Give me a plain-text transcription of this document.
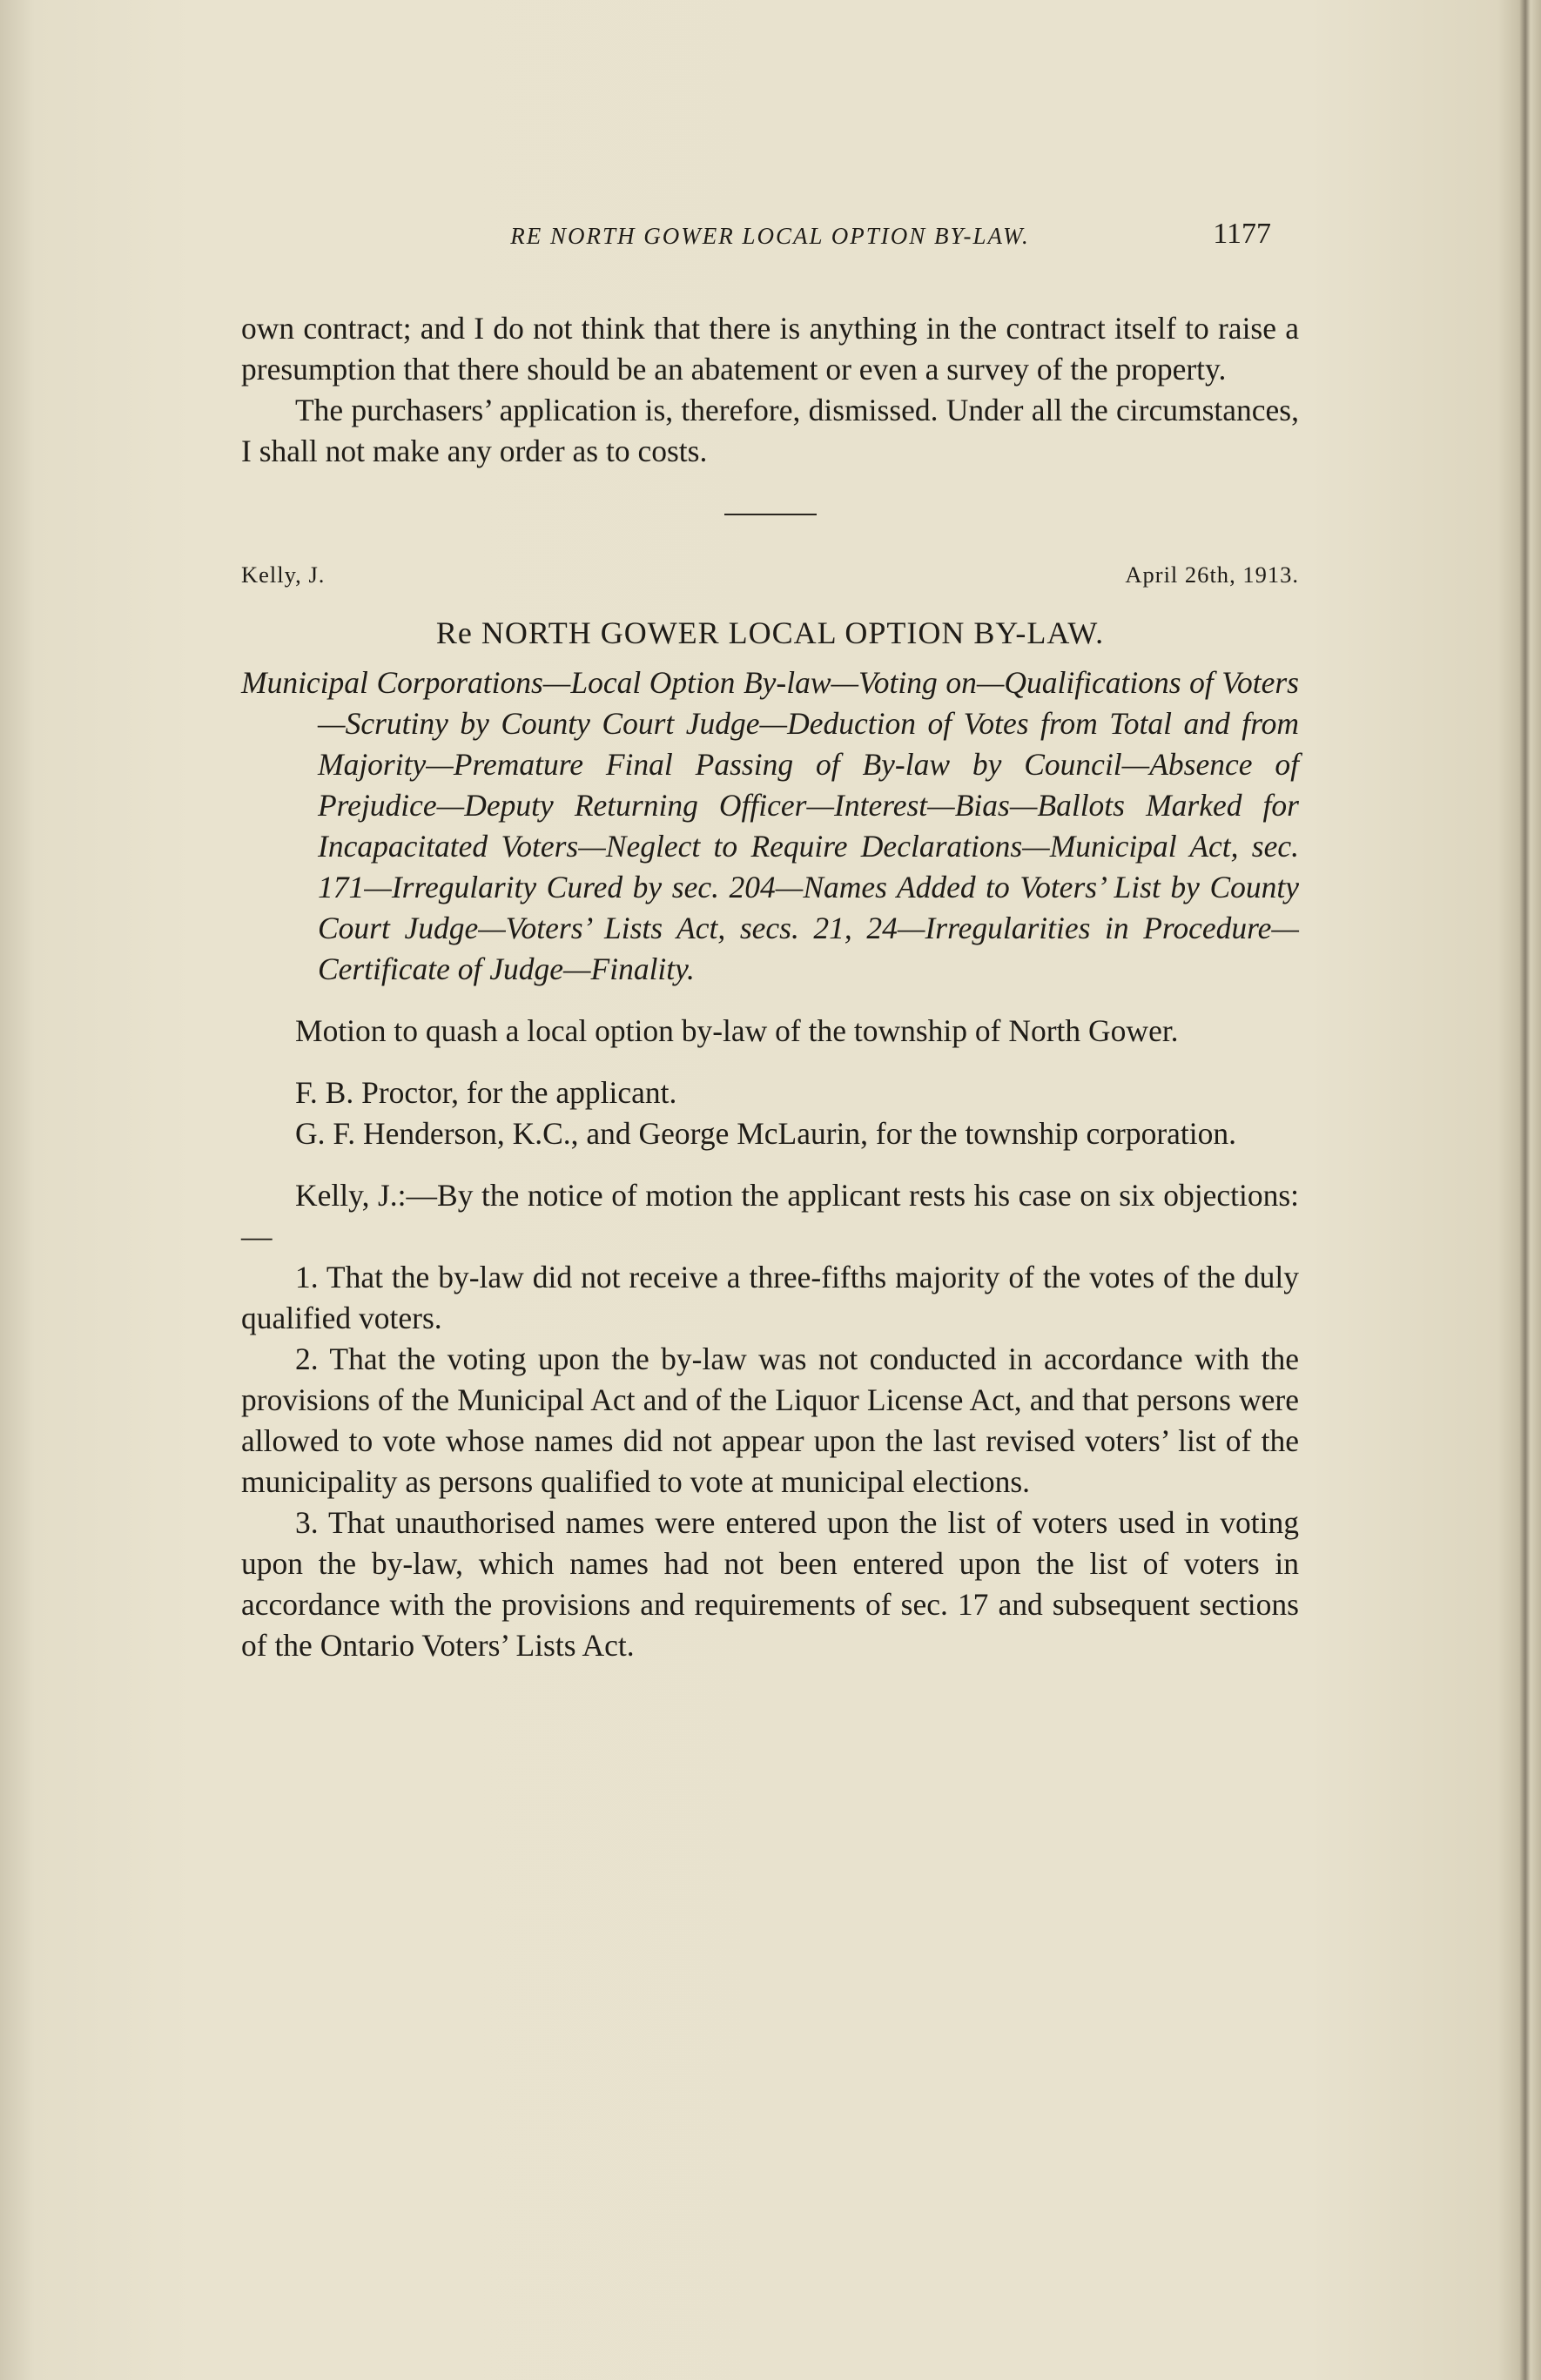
RE NORTH GOWER LOCAL OPTION BY-LAW.	1177

own contract; and I do not think that there is anything in the contract itself to raise a presumption that there should be an abatement or even a survey of the property.

The purchasers’ application is, therefore, dismissed. Under all the circumstances, I shall not make any order as to costs.

Kelly, J.	April 26th, 1913.
Re NORTH GOWER LOCAL OPTION BY-LAW.

Municipal Corporations—Local Option By-law—Voting on—Qualifications of Voters—Scrutiny by County Court Judge—Deduction of Votes from Total and from Majority—Premature Final Passing of By-law by Council—Absence of Prejudice—Deputy Returning Officer—Interest—Bias—Ballots Marked for Incapacitated Voters—Neglect to Require Declarations—Municipal Act, sec. 171—Irregularity Cured by sec. 204—Names Added to Voters’ List by County Court Judge—Voters’ Lists Act, secs. 21, 24—Irregularities in Procedure—Certificate of Judge—Finality.

Motion to quash a local option by-law of the township of North Gower.

F. B. Proctor, for the applicant.

G. F. Henderson, K.C., and George McLaurin, for the township corporation.

Kelly, J.:—By the notice of motion the applicant rests his case on six objections:—

1. That the by-law did not receive a three-fifths majority of the votes of the duly qualified voters.

2. That the voting upon the by-law was not conducted in accordance with the provisions of the Municipal Act and of the Liquor License Act, and that persons were allowed to vote whose names did not appear upon the last revised voters’ list of the municipality as persons qualified to vote at municipal elections.

3. That unauthorised names were entered upon the list of voters used in voting upon the by-law, which names had not been entered upon the list of voters in accordance with the provisions and requirements of sec. 17 and subsequent sections of the Ontario Voters’ Lists Act.
